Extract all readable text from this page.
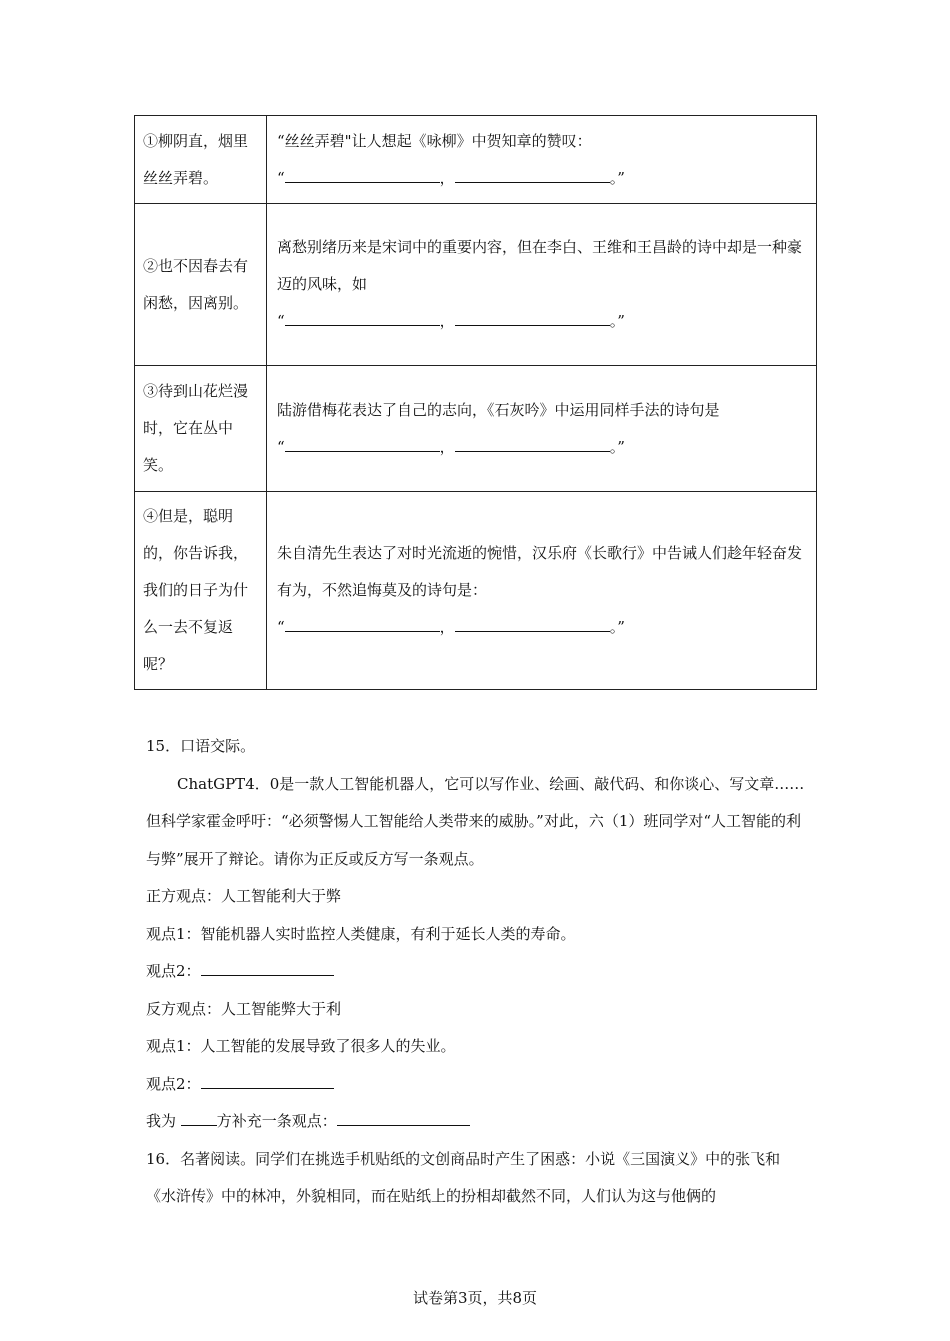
①柳阴直，烟里丝丝弄碧。	“丝丝弄碧"让人想起《咏柳》中贺知章的赞叹：
“ ， 。”

②也不因春去有闲愁，因离别。	离愁别绪历来是宋词中的重要内容，但在李白、王维和王昌龄的诗中却是一种豪迈的风味，如
“ ， 。”

③待到山花烂漫时，它在丛中笑。	陆游借梅花表达了自己的志向，《石灰吟》中运用同样手法的诗句是
“ ， 。”

④但是，聪明的，你告诉我，我们的日子为什么一去不复返呢？	朱自清先生表达了对时光流逝的惋惜，汉乐府《长歌行》中告诫人们趁年轻奋发有为，不然追悔莫及的诗句是：
“ ， 。”

15．口语交际。

ChatGPT4．0是一款人工智能机器人，它可以写作业、绘画、敲代码、和你谈心、写文章……但科学家霍金呼吁：“必须警惕人工智能给人类带来的威胁。”对此，六（1）班同学对“人工智能的利与弊”展开了辩论。请你为正反或反方写一条观点。

正方观点：人工智能利大于弊

观点1：智能机器人实时监控人类健康，有利于延长人类的寿命。

观点2：

反方观点：人工智能弊大于利

观点1：人工智能的发展导致了很多人的失业。

观点2：

我为	方补充一条观点：

16．名著阅读。同学们在挑选手机贴纸的文创商品时产生了困惑：小说《三国演义》中的张飞和《水浒传》中的林冲，外貌相同，而在贴纸上的扮相却截然不同，人们认为这与他俩的

试卷第3页，共8页
